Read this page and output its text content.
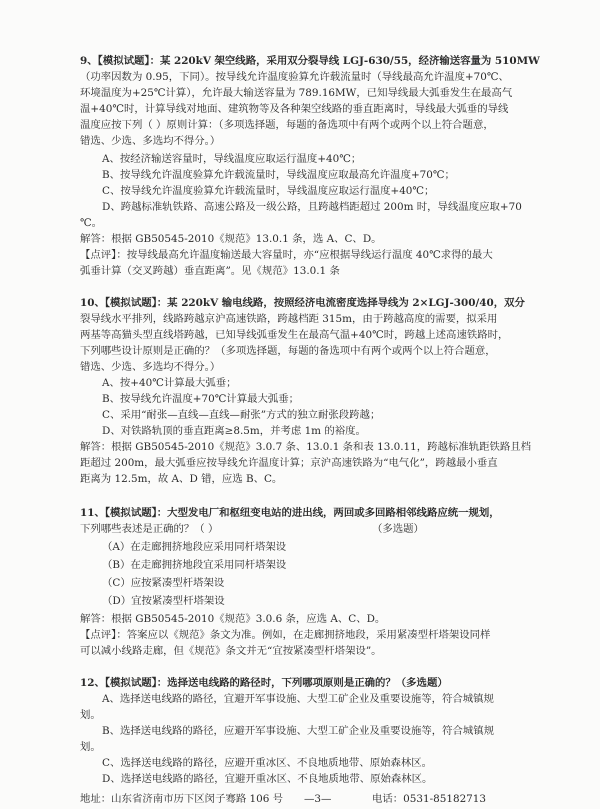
9、【模拟试题】：某 220kV 架空线路，采用双分裂导线 LGJ-630/55，经济输送容量为 510MW
（功率因数为 0.95，下同）。按导线允许温度验算允许载流量时（导线最高允许温度+70℃、
环境温度为+25℃计算），允许最大输送容量为 789.16MW，已知导线最大弧垂发生在最高气
温+40℃时，计算导线对地面、建筑物等及各种架空线路的垂直距离时，导线最大弧垂的导线
温度应按下列（ ）原则计算：（多项选择题，每题的备选项中有两个或两个以上符合题意，
错选、少选、多选均不得分。）
A、按经济输送容量时，导线温度应取运行温度+40℃；
B、按导线允许温度验算允许载流量时，导线温度应取最高允许温度+70℃；
C、按导线允许温度验算允许载流量时，导线温度应取运行温度+40℃；
D、跨越标准轨铁路、高速公路及一级公路，且跨越档距超过 200m 时，导线温度应取+70
℃。
解答：根据 GB50545-2010《规范》13.0.1 条，选 A、C、D。
【点评】：按导线最高允许温度输送最大容量时，亦“应根据导线运行温度 40℃求得的最大
弧垂计算（交叉跨越）垂直距离”。见《规范》13.0.1 条
10、【模拟试题】：某 220kV 输电线路，按照经济电流密度选择导线为 2×LGJ-300/40，双分
裂导线水平排列，线路跨越京沪高速铁路，跨越档距 315m，由于跨越高度的需要，拟采用
两基等高猫头型直线塔跨越，已知导线弧垂发生在最高气温+40℃时，跨越上述高速铁路时，
下列哪些设计原则是正确的？（多项选择题，每题的备选项中有两个或两个以上符合题意，
错选、少选、多选均不得分。）
A、按+40℃计算最大弧垂；
B、按导线允许温度+70℃计算最大弧垂；
C、采用“耐张—直线—直线—耐张”方式的独立耐张段跨越；
D、对铁路轨顶的垂直距离≥8.5m，并考虑 1m 的裕度。
解答：根据 GB50545-2010《规范》3.0.7 条、13.0.1 条和表 13.0.11，跨越标准轨距铁路且档
距超过 200m，最大弧垂应按导线允许温度计算；京沪高速铁路为“电气化”，跨越最小垂直
距离为 12.5m，故 A、D 错，应选 B、C。
11、【模拟试题】：大型发电厂和枢纽变电站的进出线，两回或多回路相邻线路应统一规划，
下列哪些表述是正确的？（ ）	（多选题）
（A）在走廊拥挤地段应采用同杆塔架设
（B）在走廊拥挤地段宜采用同杆塔架设
（C）应按紧凑型杆塔架设
（D）宜按紧凑型杆塔架设
解答：根据 GB50545-2010《规范》3.0.6 条，应选 A、C、D。
【点评】：答案应以《规范》条文为准。例如，在走廊拥挤地段，采用紧凑型杆塔架设同样
可以减小线路走廊，但《规范》条文并无“宜按紧凑型杆塔架设”。
12、【模拟试题】：选择送电线路的路径时，下列哪项原则是正确的？（多选题）
A、选择送电线路的路径，宜避开军事设施、大型工矿企业及重要设施等，符合城镇规
划。
B、选择送电线路的路径，应避开军事设施、大型工矿企业及重要设施等，符合城镇规
划。
C、选择送电线路的路径，应避开重冰区、不良地质地带、原始森林区。
D、选择送电线路的路径，宜避开重冰区、不良地质地带、原始森林区。
地址：山东省济南市历下区闵子骞路 106 号	—3—	电话：0531-85182713
